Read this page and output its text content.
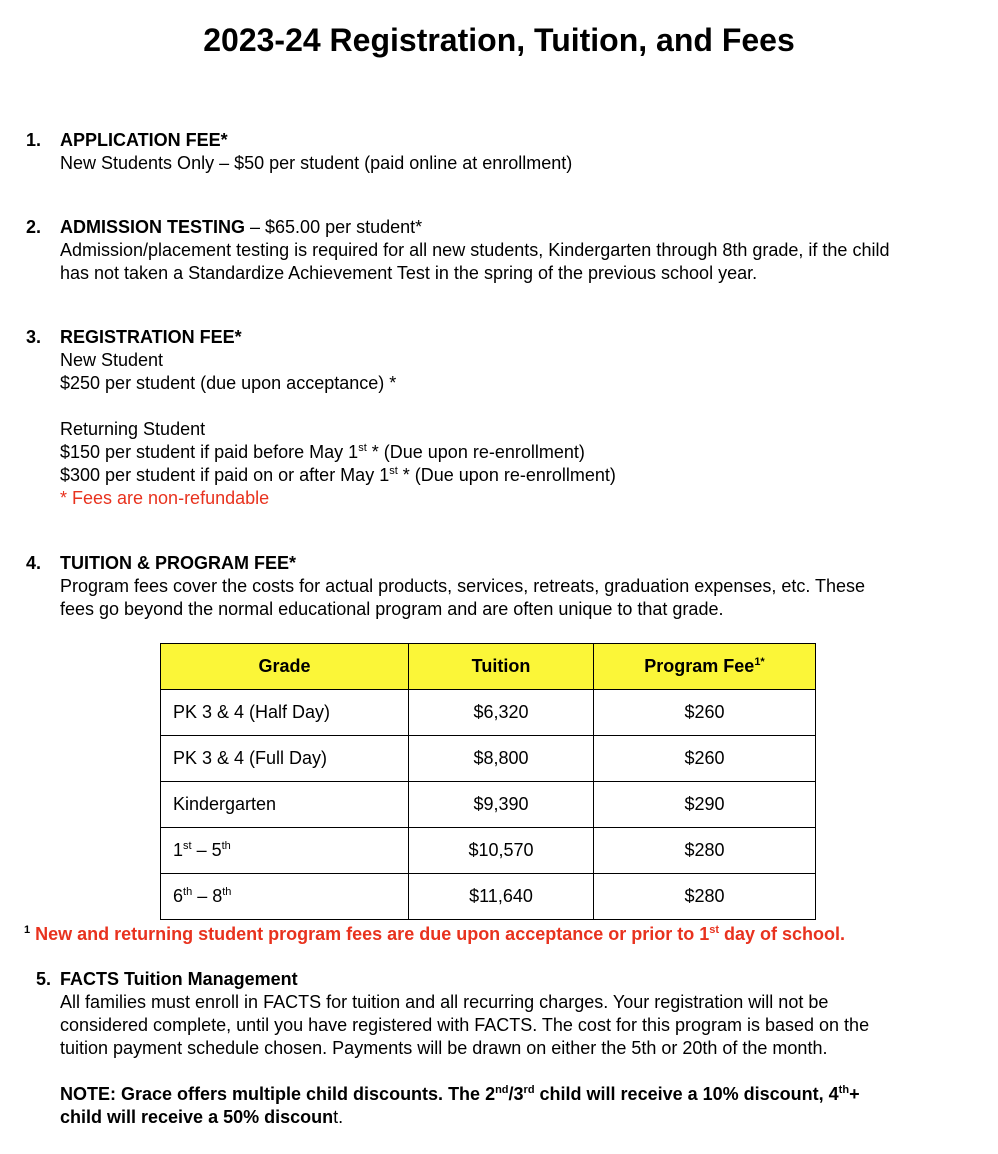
2023-24 Registration, Tuition, and Fees
1. APPLICATION FEE*
New Students Only – $50 per student (paid online at enrollment)
2. ADMISSION TESTING – $65.00 per student*
Admission/placement testing is required for all new students, Kindergarten through 8th grade, if the child
has not taken a Standardize Achievement Test in the spring of the previous school year.
3. REGISTRATION FEE*
New Student
$250 per student (due upon acceptance) *
Returning Student
$150 per student if paid before May 1st * (Due upon re-enrollment)
$300 per student if paid on or after May 1st * (Due upon re-enrollment)
* Fees are non-refundable
4. TUITION & PROGRAM FEE*
Program fees cover the costs for actual products, services, retreats, graduation expenses, etc. These
fees go beyond the normal educational program and are often unique to that grade.
Grade	Tuition	Program Fee$^{1*}$
PK 3 & 4 (Half Day)	$6,320	$260
PK 3 & 4 (Full Day)	$8,800	$260
Kindergarten	$9,390	$290
1st – 5th	$10,570	$280
6th – 8th	$11,640	$280
$^1$ New and returning student program fees are due upon acceptance or prior to 1st day of school.
5. FACTS Tuition Management
All families must enroll in FACTS for tuition and all recurring charges. Your registration will not be
considered complete, until you have registered with FACTS. The cost for this program is based on the
tuition payment schedule chosen. Payments will be drawn on either the 5th or 20th of the month.
NOTE: Grace offers multiple child discounts. The 2nd/3rd child will receive a 10% discount, 4th+
child will receive a 50% discount.
